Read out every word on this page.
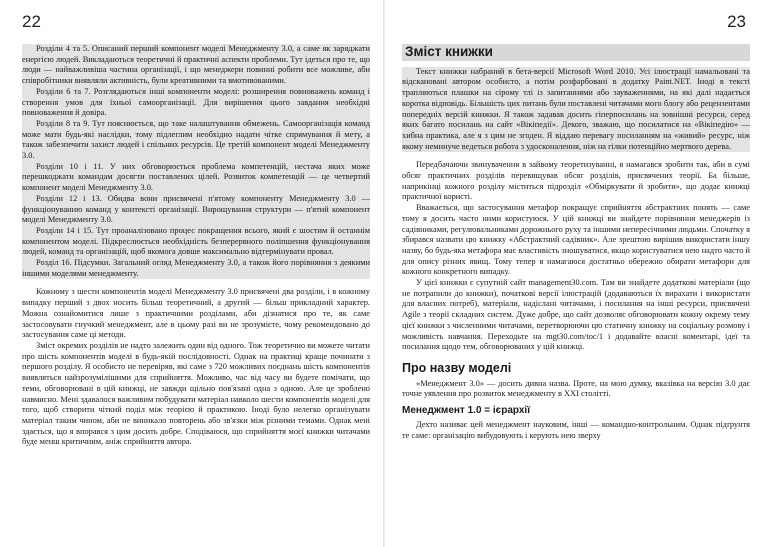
22

Розділи 4 та 5. Описаний перший компонент моделі Менеджменту 3.0, а саме як заряджати енергією людей. Викладаються теоретичні й практичні аспекти проблеми. Тут ідеться про те, що люди — найважливіша частина організації, і що менеджери повинні робити все можливе, аби співробітники виявляли активність, були креативними та вмотивованими.

Розділи 6 та 7. Розглядаються інші компоненти моделі: розширення повноважень команд і створення умов для їхньої самоорганізації. Для вирішення цього завдання необхідні повноваження й довіра.

Розділи 8 та 9. Тут пояснюється, що таке налаштування обмежень. Самоорганізація команд може мати будь-які наслідки, тому підлеглим необхідно надати чітке спрямування й мету, а також забезпечити захист людей і спільних ресурсів. Це третій компонент моделі Менеджменту 3.0.

Розділи 10 і 11. У них обговорюється проблема компетенцій, нестача яких може перешкоджати командам досягти поставлених цілей. Розвиток компетенцій — це четвертий компонент моделі Менеджменту 3.0.

Розділи 12 і 13. Обидва вони присвячені п'ятому компоненту Менеджменту 3.0 — функціонуванню команд у контексті організації. Вирощування структури — п'ятий компонент моделі Менеджменту 3.0.

Розділи 14 і 15. Тут проаналізовано процес покращення всього, який є шостим й останнім компонентом моделі. Підкреслюється необхідність безперервного поліпшення функціонування людей, команд та організацій, щоб якомога довше максимально відтермінувати провал.

Розділ 16. Підсумки. Загальний огляд Менеджменту 3.0, а також його порівняння з деякими іншими моделями менеджменту.

Кожному з шести компонентів моделі Менеджменту 3.0 присвячені два розділи, і в кожному випадку перший з двох носить більш теоретичний, а другий — більш прикладний характер. Можна ознайомитися лише з практичними розділами, аби дізнатися про те, як саме застосовувати гнучкий менеджмент, але в цьому разі ви не зрозумієте, чому рекомендовано до застосування саме ці методи.

Зміст окремих розділів не надто залежить один від одного. Тож теоретично ви можете читати про шість компонентів моделі в будь-якій послідовності. Однак на практиці краще починати з першого розділу. Я особисто не перевіряв, які саме з 720 можливих поєднань шість компонентів виявляться найзрозумілішими для сприйняття. Можливо, час від часу ви будете помічати, що теми, обговорювані в цій книжці, не завжди щільно пов'язані одна з одною. Але це зроблено навмисно. Мені здавалося важливим побудувати матеріал навколо шести компонентів моделі для того, щоб створити чіткий поділ між теорією й практикою. Іноді було нелегко організувати матеріал таким чином, аби не виникало повторень або зв'язки між різними темами. Однак мені здається, що я впорався з цим досить добре. Сподіваюся, що сприйняття моєї книжки читачами буде менш критичним, аніж сприйняття автора.

23
Зміст книжки

Текст книжки набраний в бета-версії Microsoft Word 2010. Усі ілюстрації намальовані та відскановані автором особисто, а потім розфарбовані в додатку Paint.NET. Іноді в тексті трапляються плашки на сірому тлі із запитаннями або зауваженнями, на які далі надається коротка відповідь. Більшість цих питань були поставлені читачами мого блогу або рецензентами попередніх версій книжки. Я також задавав досить гіперпосилань на зовнішні ресурси, серед яких багато посилань на сайт «Вікіпедії». Декого, зважаю, що посилатися на «Вікіпедію» — хибна практика, але я з цим не згоден. Я віддаю перевагу посиланням на «живий» ресурс, ніж якому неминуче ведеться робота з удосконалення, ніж на гілки потенційно мертвого дерева.

Передбачаючи звинувачення в зайвому теоретизуванні, я намагався зробити так, аби в сумі обсяг практичних розділів перевищував обсяг розділів, присвячених теорії. Ба більше, наприкінці кожного розділу міститься підрозділ «Обміркувати й зробити», що додає книжці практичної користі.

Вважається, що застосування метафор покращує сприйняття абстрактних понять — саме тому я досить часто ними користуюся. У цій книжці ви знайдете порівняння менеджерів із садівниками, регулювальниками дорожнього руху та іншими непересічними людьми. Спочатку я збирався назвати цю книжку «Абстрактний садівник». Але зрештою вирішив використати іншу назву, бо будь-яка метафора має властивість зношуватися, якщо користуватися нею надто часто й для опису різних явищ. Тому тепер я намагаюся достатньо обережно обирати метафори для кожного конкретного випадку.

У цієї книжки є супутній сайт management30.com. Там ви знайдете додаткові матеріали (що не потрапили до книжки), початкові версії ілюстрацій (додаваються їх вирахати і використати для власних потреб), матеріали, надіслані читачами, і посилання на інші ресурси, присвячені Agile з теорії складних систем. Дуже добре, що сайт дозволяє обговорювати кожну окрему тему цієї книжки з численними читачами, перетворюючи цю статичну книжку на соціальну розмову і можливість навчання. Переходьте на mgt30.com/toc/1 і додавайте власні коментарі, ідеї та посилання щодо тем, обговорюваних у цій книжці.

Про назву моделі

«Менеджмент 3.0» — досить дивна назва. Проте, на мою думку, вказівка на версію 3.0 дає точне уявлення про розвиток менеджменту в XXI столітті.

Менеджмент 1.0 = ієрархії

Дехто називає цей менеджмент науковим, інші — командно-контрольним. Однак підґрунтя те саме: організацію вибудовують і керують нею зверху
